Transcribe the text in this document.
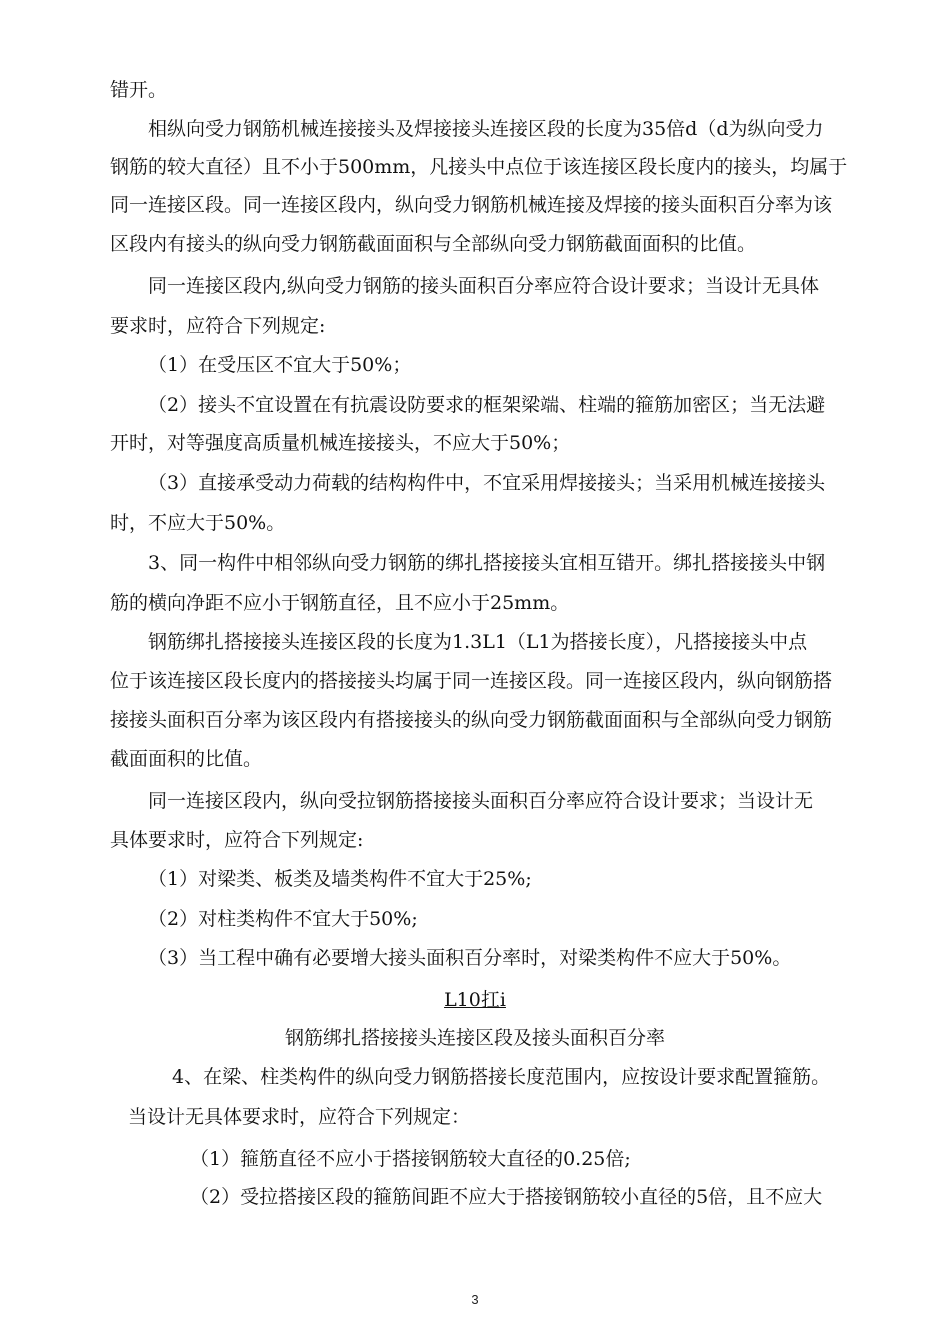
错开。
相纵向受力钢筋机械连接接头及焊接接头连接区段的长度为35倍d（d为纵向受力
钢筋的较大直径）且不小于500mm，凡接头中点位于该连接区段长度内的接头，均属于
同一连接区段。同一连接区段内，纵向受力钢筋机械连接及焊接的接头面积百分率为该
区段内有接头的纵向受力钢筋截面面积与全部纵向受力钢筋截面面积的比值。
同一连接区段内,纵向受力钢筋的接头面积百分率应符合设计要求；当设计无具体
要求时，应符合下列规定:
（1）在受压区不宜大于50%；
（2）接头不宜设置在有抗震设防要求的框架梁端、柱端的箍筋加密区；当无法避
开时，对等强度高质量机械连接接头，不应大于50%；
（3）直接承受动力荷载的结构构件中，不宜采用焊接接头；当采用机械连接接头
时，不应大于50%。
3、同一构件中相邻纵向受力钢筋的绑扎搭接接头宜相互错开。绑扎搭接接头中钢
筋的横向净距不应小于钢筋直径，且不应小于25mm。
钢筋绑扎搭接接头连接区段的长度为1.3L1（L1为搭接长度），凡搭接接头中点
位于该连接区段长度内的搭接接头均属于同一连接区段。同一连接区段内，纵向钢筋搭
接接头面积百分率为该区段内有搭接接头的纵向受力钢筋截面面积与全部纵向受力钢筋
截面面积的比值。
同一连接区段内，纵向受拉钢筋搭接接头面积百分率应符合设计要求；当设计无
具体要求时，应符合下列规定:
（1）对梁类、板类及墙类构件不宜大于25%;
（2）对柱类构件不宜大于50%;
（3）当工程中确有必要增大接头面积百分率时，对梁类构件不应大于50%。
L10扛i
钢筋绑扎搭接接头连接区段及接头面积百分率
4、在梁、柱类构件的纵向受力钢筋搭接长度范围内，应按设计要求配置箍筋。
当设计无具体要求时，应符合下列规定：
（1）箍筋直径不应小于搭接钢筋较大直径的0.25倍;
（2）受拉搭接区段的箍筋间距不应大于搭接钢筋较小直径的5倍，且不应大
3
